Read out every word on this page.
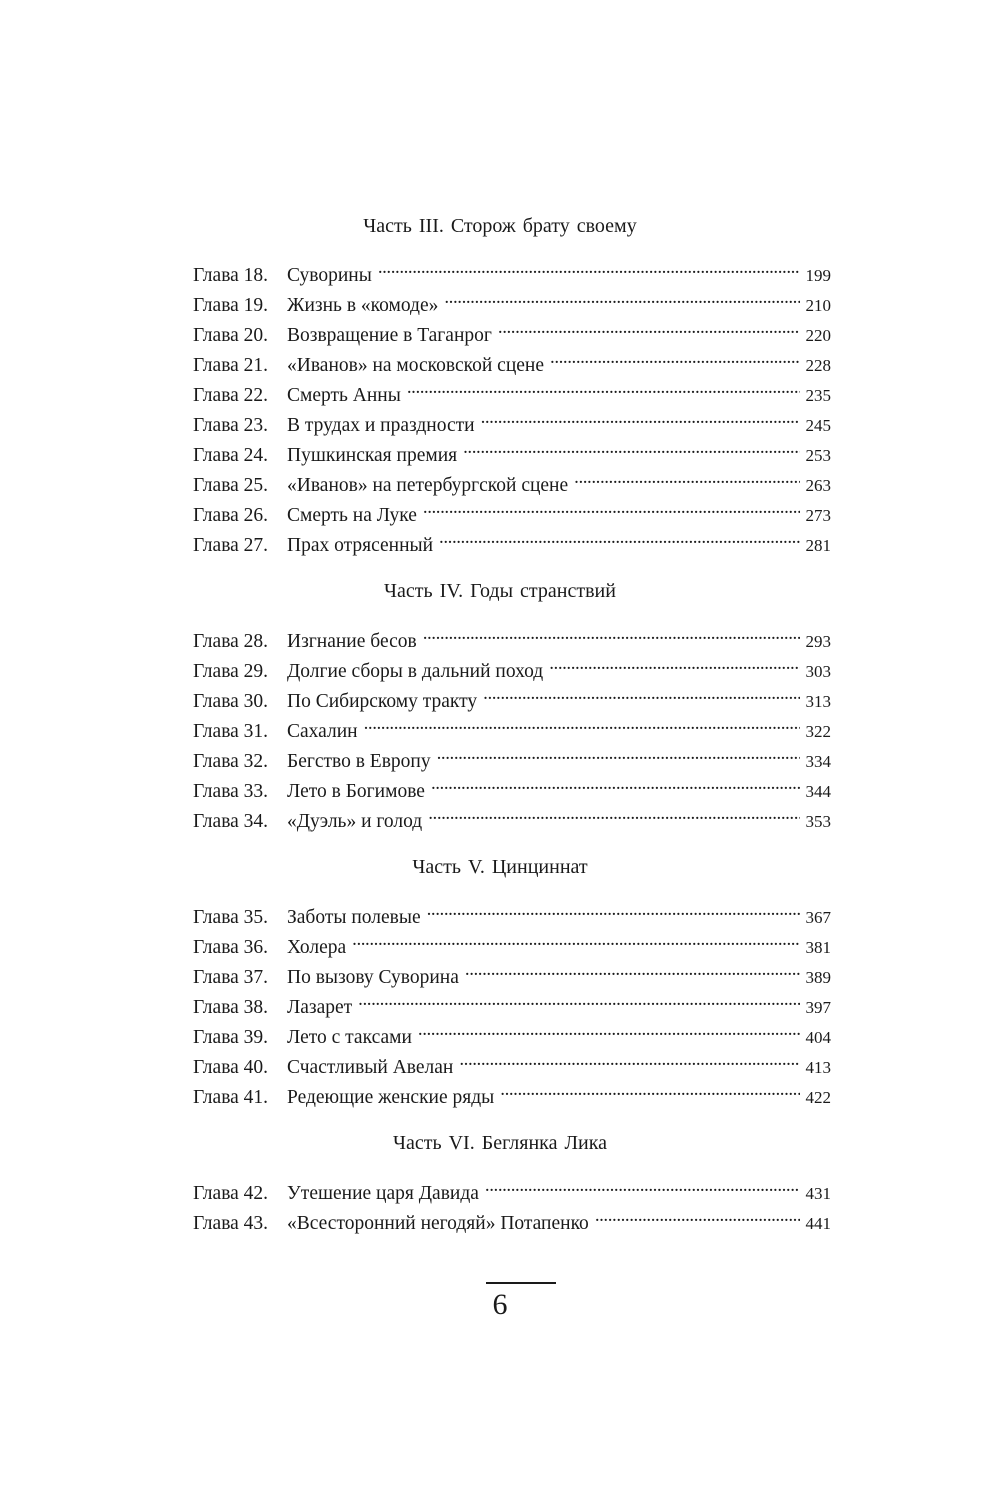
Часть III. Сторож брату своему
Глава 18. Суворины . . .	199
Глава 19. Жизнь в «комоде» . . .	210
Глава 20. Возвращение в Таганрог . . .	220
Глава 21. «Иванов» на московской сцене . . .	228
Глава 22. Смерть Анны . . .	235
Глава 23. В трудах и праздности . . .	245
Глава 24. Пушкинская премия . . .	253
Глава 25. «Иванов» на петербургской сцене . . .	263
Глава 26. Смерть на Луке . . .	273
Глава 27. Прах отрясенный . . .	281
Часть IV. Годы странствий
Глава 28. Изгнание бесов . . .	293
Глава 29. Долгие сборы в дальний поход . . .	303
Глава 30. По Сибирскому тракту . . .	313
Глава 31. Сахалин . . .	322
Глава 32. Бегство в Европу . . .	334
Глава 33. Лето в Богимове . . .	344
Глава 34. «Дуэль» и голод . . .	353
Часть V. Цинциннат
Глава 35. Заботы полевые . . .	367
Глава 36. Холера . . .	381
Глава 37. По вызову Суворина . . .	389
Глава 38. Лазарет . . .	397
Глава 39. Лето с таксами . . .	404
Глава 40. Счастливый Авелан . . .	413
Глава 41. Редеющие женские ряды . . .	422
Часть VI. Беглянка Лика
Глава 42. Утешение царя Давида . . .	431
Глава 43. «Всесторонний негодяй» Потапенко . . .	441
6
